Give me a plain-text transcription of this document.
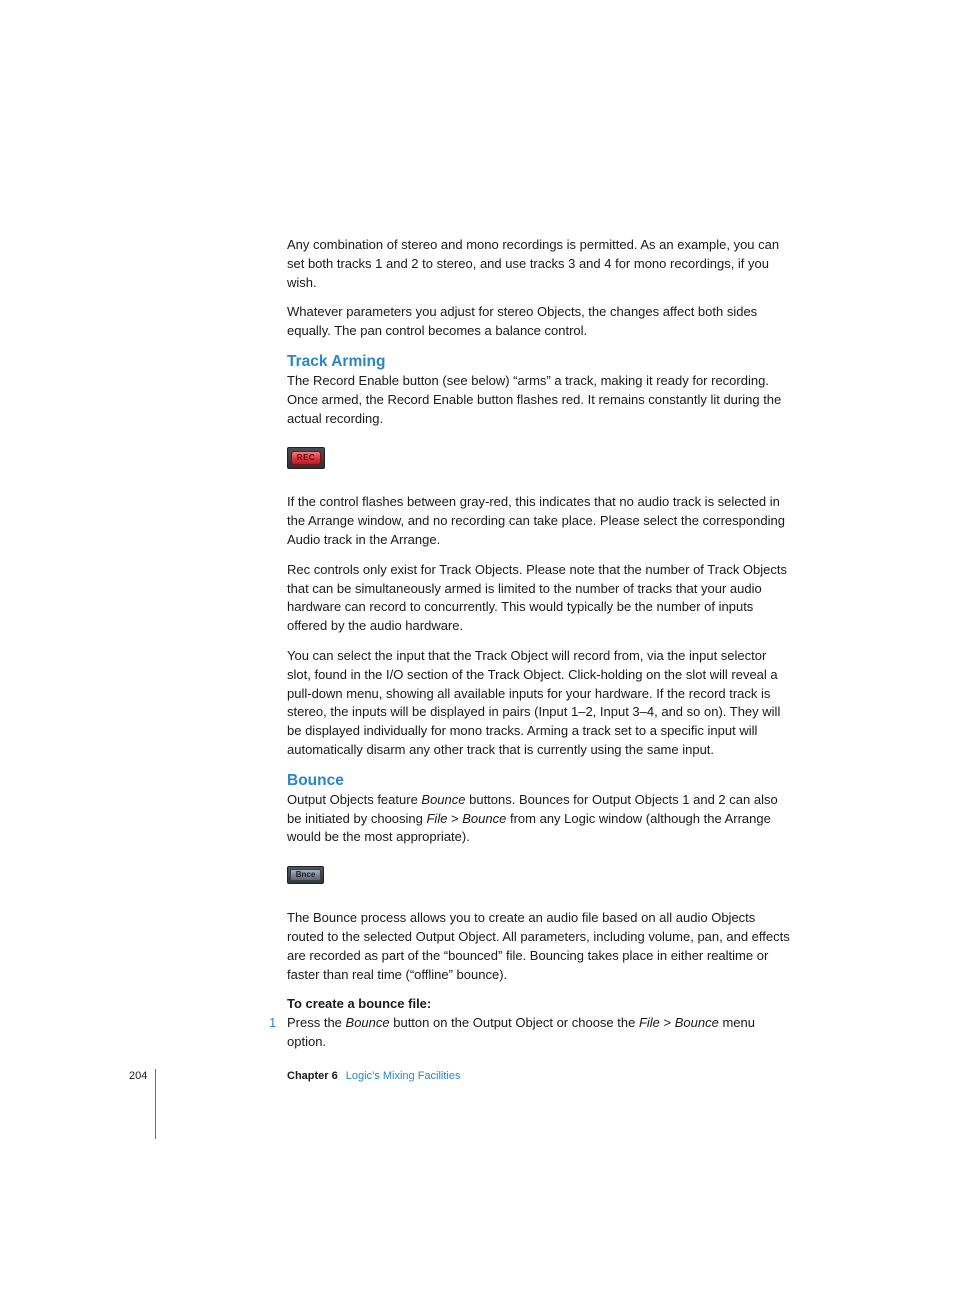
Any combination of stereo and mono recordings is permitted. As an example, you can set both tracks 1 and 2 to stereo, and use tracks 3 and 4 for mono recordings, if you wish.

Whatever parameters you adjust for stereo Objects, the changes affect both sides equally. The pan control becomes a balance control.

Track Arming

The Record Enable button (see below) “arms” a track, making it ready for recording. Once armed, the Record Enable button flashes red. It remains constantly lit during the actual recording.

REC

If the control flashes between gray-red, this indicates that no audio track is selected in the Arrange window, and no recording can take place. Please select the corresponding Audio track in the Arrange.

Rec controls only exist for Track Objects. Please note that the number of Track Objects that can be simultaneously armed is limited to the number of tracks that your audio hardware can record to concurrently. This would typically be the number of inputs offered by the audio hardware.

You can select the input that the Track Object will record from, via the input selector slot, found in the I/O section of the Track Object. Click-holding on the slot will reveal a pull-down menu, showing all available inputs for your hardware. If the record track is stereo, the inputs will be displayed in pairs (Input 1–2, Input 3–4, and so on). They will be displayed individually for mono tracks. Arming a track set to a specific input will automatically disarm any other track that is currently using the same input.

Bounce

Output Objects feature Bounce buttons. Bounces for Output Objects 1 and 2 can also be initiated by choosing File > Bounce from any Logic window (although the Arrange would be the most appropriate).

Bnce

The Bounce process allows you to create an audio file based on all audio Objects routed to the selected Output Object. All parameters, including volume, pan, and effects are recorded as part of the “bounced” file. Bouncing takes place in either realtime or faster than real time (“offline” bounce).

To create a bounce file:

1 Press the Bounce button on the Output Object or choose the File > Bounce menu option.

204	Chapter 6 Logic’s Mixing Facilities
